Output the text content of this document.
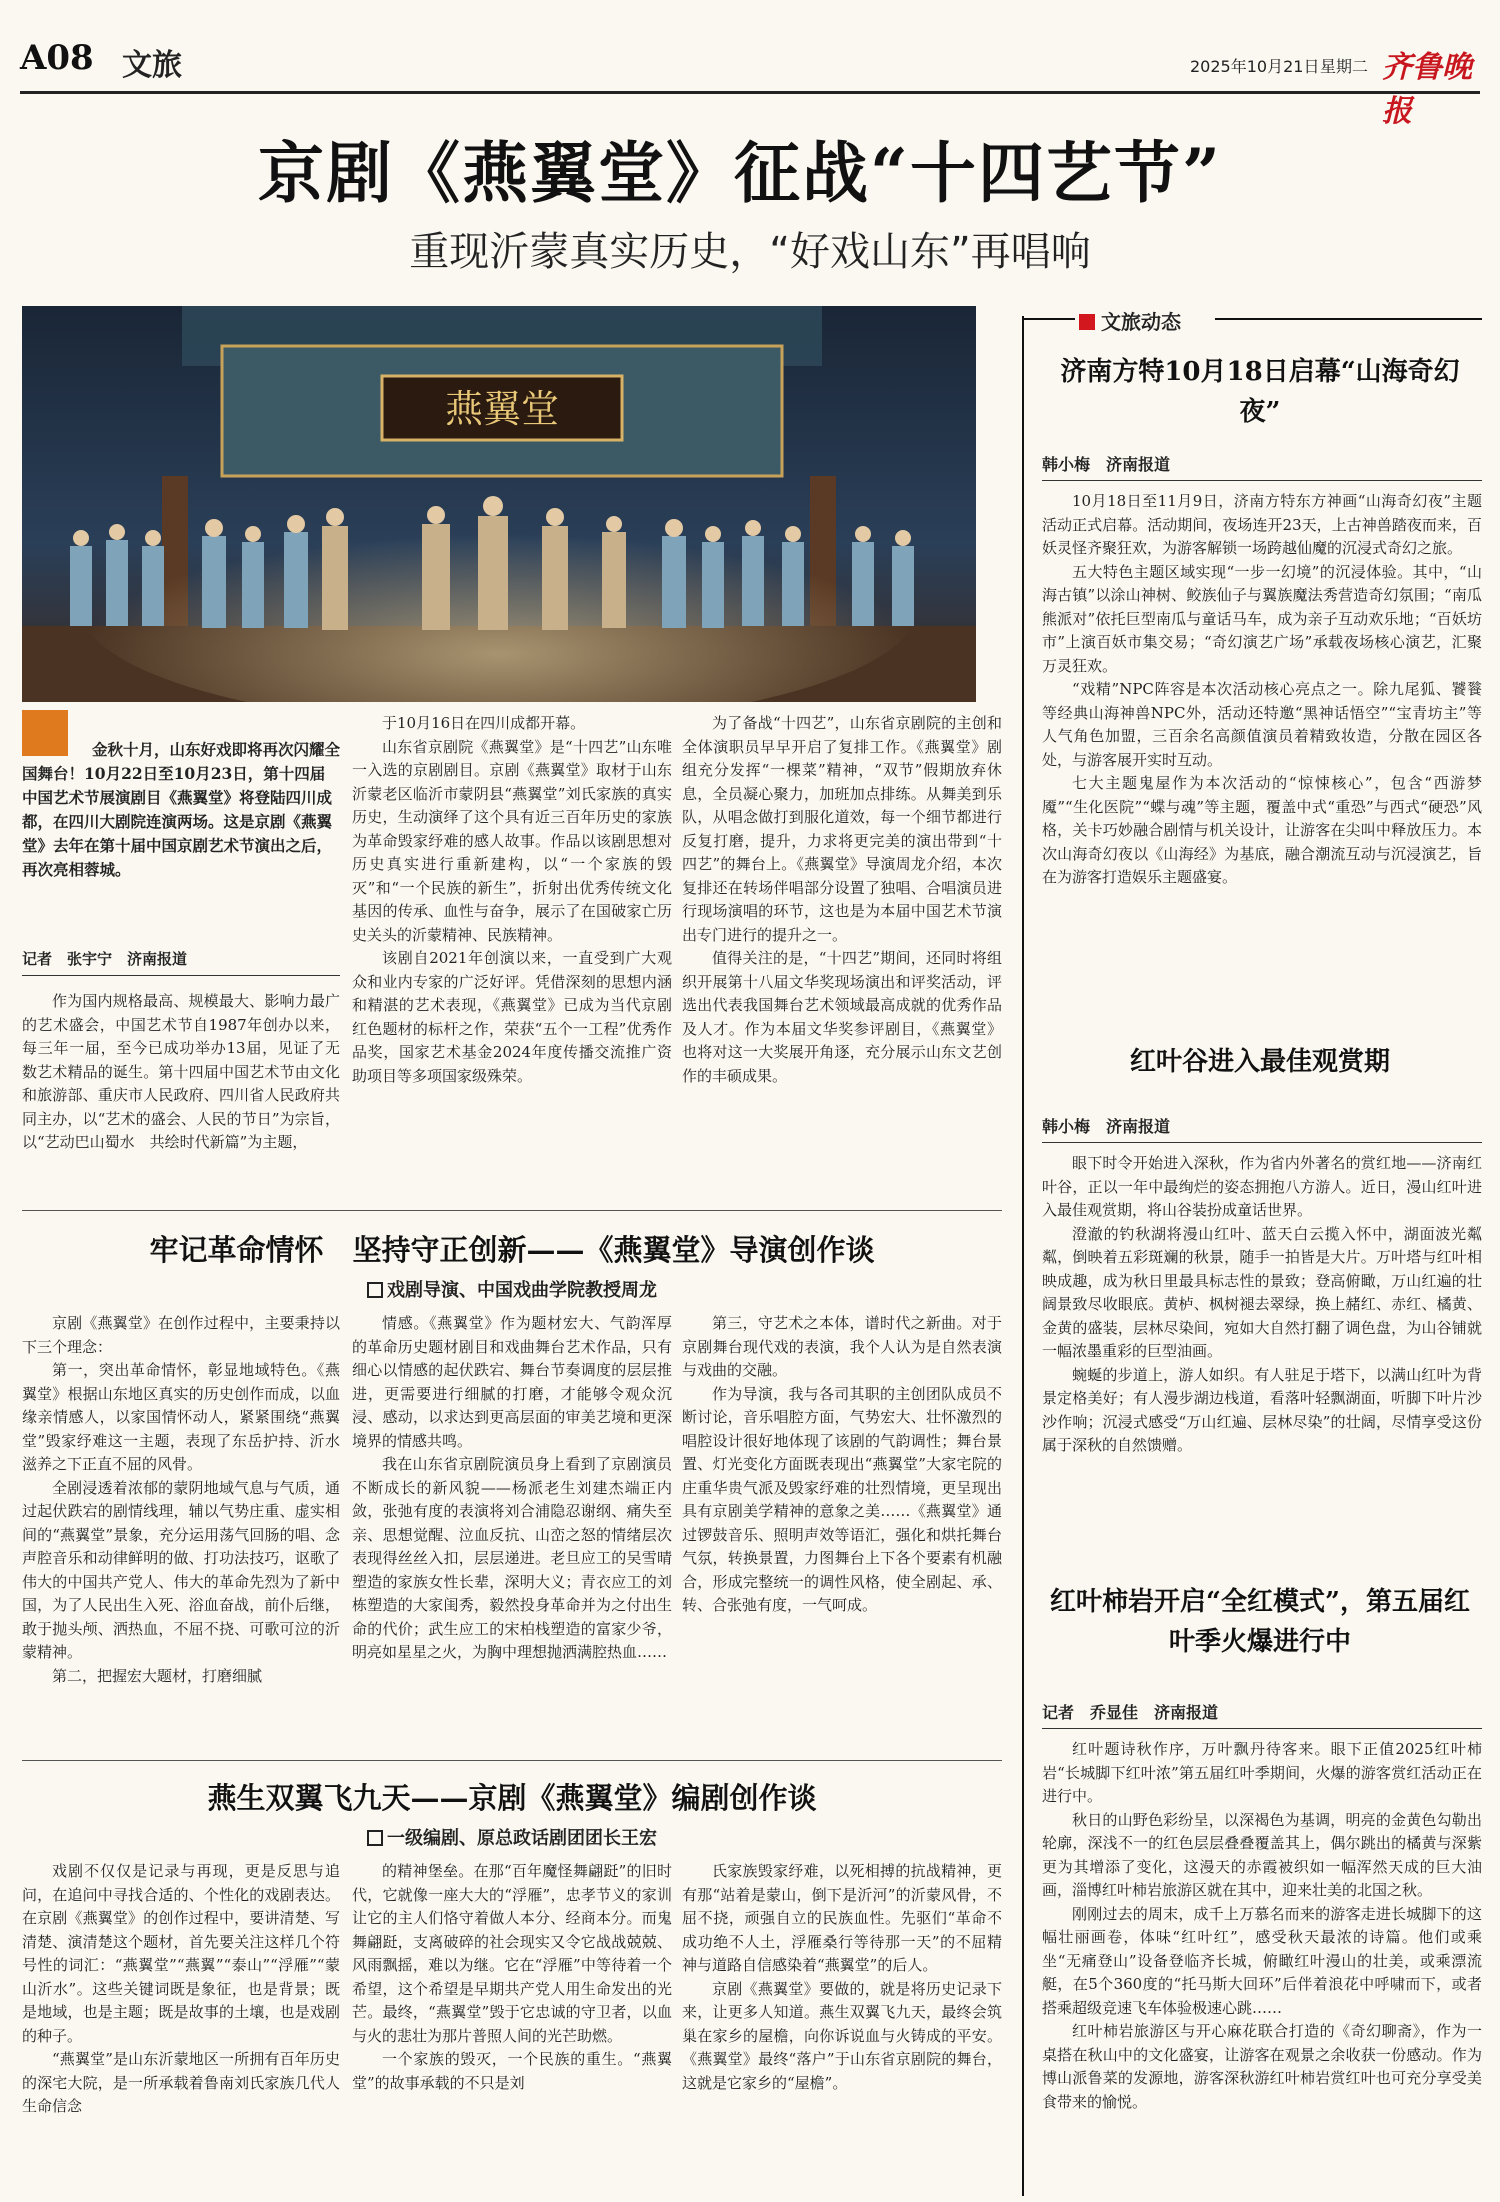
A08 文旅	2025年10月21日 星期二 齐鲁晚报
京剧《燕翼堂》征战“十四艺节”
重现沂蒙真实历史，“好戏山东”再唱响
燕翼堂

金秋十月，山东好戏即将再次闪耀全国舞台！10月22日至10月23日，第十四届中国艺术节展演剧目《燕翼堂》将登陆四川成都，在四川大剧院连演两场。这是京剧《燕翼堂》去年在第十届中国京剧艺术节演出之后，再次亮相蓉城。

记者　张宇宁　济南报道

作为国内规格最高、规模最大、影响力最广的艺术盛会，中国艺术节自1987年创办以来，每三年一届，至今已成功举办13届，见证了无数艺术精品的诞生。第十四届中国艺术节由文化和旅游部、重庆市人民政府、四川省人民政府共同主办，以“艺术的盛会、人民的节日”为宗旨，以“艺动巴山蜀水　共绘时代新篇”为主题，

于10月16日在四川成都开幕。

山东省京剧院《燕翼堂》是“十四艺”山东唯一入选的京剧剧目。京剧《燕翼堂》取材于山东沂蒙老区临沂市蒙阴县“燕翼堂”刘氏家族的真实历史，生动演绎了这个具有近三百年历史的家族为革命毁家纾难的感人故事。作品以该剧思想对历史真实进行重新建构，以“一个家族的毁灭”和“一个民族的新生”，折射出优秀传统文化基因的传承、血性与奋争，展示了在国破家亡历史关头的沂蒙精神、民族精神。

该剧自2021年创演以来，一直受到广大观众和业内专家的广泛好评。凭借深刻的思想内涵和精湛的艺术表现，《燕翼堂》已成为当代京剧红色题材的标杆之作，荣获“五个一工程”优秀作品奖，国家艺术基金2024年度传播交流推广资助项目等多项国家级殊荣。

为了备战“十四艺”，山东省京剧院的主创和全体演职员早早开启了复排工作。《燕翼堂》剧组充分发挥“一棵菜”精神，“双节”假期放弃休息，全员凝心聚力，加班加点排练。从舞美到乐队，从唱念做打到服化道效，每一个细节都进行反复打磨，提升，力求将更完美的演出带到“十四艺”的舞台上。《燕翼堂》导演周龙介绍，本次复排还在转场伴唱部分设置了独唱、合唱演员进行现场演唱的环节，这也是为本届中国艺术节演出专门进行的提升之一。

值得关注的是，“十四艺”期间，还同时将组织开展第十八届文华奖现场演出和评奖活动，评选出代表我国舞台艺术领域最高成就的优秀作品及人才。作为本届文华奖参评剧目，《燕翼堂》也将对这一大奖展开角逐，充分展示山东文艺创作的丰硕成果。

牢记革命情怀　坚持守正创新——《燕翼堂》导演创作谈
戏剧导演、中国戏曲学院教授周龙

京剧《燕翼堂》在创作过程中，主要秉持以下三个理念：

第一，突出革命情怀，彰显地域特色。《燕翼堂》根据山东地区真实的历史创作而成，以血缘亲情感人，以家国情怀动人，紧紧围绕“燕翼堂”毁家纾难这一主题，表现了东岳护持、沂水滋养之下正直不屈的风骨。

全剧浸透着浓郁的蒙阴地域气息与气质，通过起伏跌宕的剧情线理，辅以气势庄重、虚实相间的“燕翼堂”景象，充分运用荡气回肠的唱、念声腔音乐和动律鲜明的做、打功法技巧，讴歌了伟大的中国共产党人、伟大的革命先烈为了新中国，为了人民出生入死、浴血奋战，前仆后继，敢于抛头颅、洒热血，不屈不挠、可歌可泣的沂蒙精神。

第二，把握宏大题材，打磨细腻

情感。《燕翼堂》作为题材宏大、气韵浑厚的革命历史题材剧目和戏曲舞台艺术作品，只有细心以情感的起伏跌宕、舞台节奏调度的层层推进，更需要进行细腻的打磨，才能够令观众沉浸、感动，以求达到更高层面的审美艺境和更深境界的情感共鸣。

我在山东省京剧院演员身上看到了京剧演员不断成长的新风貌——杨派老生刘建杰端正内敛，张弛有度的表演将刘合浦隐忍谢纲、痛失至亲、思想觉醒、泣血反抗、山峦之怒的情绪层次表现得丝丝入扣，层层递进。老旦应工的吴雪晴塑造的家族女性长辈，深明大义；青衣应工的刘栋塑造的大家闺秀，毅然投身革命并为之付出生命的代价；武生应工的宋柏栈塑造的富家少爷，明亮如星星之火，为胸中理想抛洒满腔热血……

第三，守艺术之本体，谱时代之新曲。对于京剧舞台现代戏的表演，我个人认为是自然表演与戏曲的交融。

作为导演，我与各司其职的主创团队成员不断讨论，音乐唱腔方面，气势宏大、壮怀激烈的唱腔设计很好地体现了该剧的气韵调性；舞台景置、灯光变化方面既表现出“燕翼堂”大家宅院的庄重华贵气派及毁家纾难的壮烈情境，更呈现出具有京剧美学精神的意象之美……《燕翼堂》通过锣鼓音乐、照明声效等语汇，强化和烘托舞台气氛，转换景置，力图舞台上下各个要素有机融合，形成完整统一的调性风格，使全剧起、承、转、合张弛有度，一气呵成。

燕生双翼飞九天——京剧《燕翼堂》编剧创作谈
一级编剧、原总政话剧团团长王宏

戏剧不仅仅是记录与再现，更是反思与追问，在追问中寻找合适的、个性化的戏剧表达。在京剧《燕翼堂》的创作过程中，要讲清楚、写清楚、演清楚这个题材，首先要关注这样几个符号性的词汇：“燕翼堂”“燕翼”“泰山”“浮雁”“蒙山沂水”。这些关键词既是象征，也是背景；既是地域，也是主题；既是故事的土壤，也是戏剧的种子。

“燕翼堂”是山东沂蒙地区一所拥有百年历史的深宅大院，是一所承载着鲁南刘氏家族几代人生命信念

的精神堡垒。在那“百年魔怪舞翩跹”的旧时代，它就像一座大大的“浮雁”，忠孝节义的家训让它的主人们恪守着做人本分、经商本分。而鬼舞翩跹，支离破碎的社会现实又令它战战兢兢、风雨飘摇，难以为继。它在“浮雁”中等待着一个希望，这个希望是早期共产党人用生命发出的光芒。最终，“燕翼堂”毁于它忠诚的守卫者，以血与火的悲壮为那片普照人间的光芒助燃。

一个家族的毁灭，一个民族的重生。“燕翼堂”的故事承载的不只是刘

氏家族毁家纾难，以死相搏的抗战精神，更有那“站着是蒙山，倒下是沂河”的沂蒙风骨，不屈不挠，顽强自立的民族血性。先驱们“革命不成功绝不人土，浮雁桑行等待那一天”的不屈精神与道路自信感染着“燕翼堂”的后人。

京剧《燕翼堂》要做的，就是将历史记录下来，让更多人知道。燕生双翼飞九天，最终会筑巢在家乡的屋檐，向你诉说血与火铸成的平安。《燕翼堂》最终“落户”于山东省京剧院的舞台，这就是它家乡的“屋檐”。

文旅动态
济南方特10月18日启幕“山海奇幻夜”
韩小梅　济南报道

10月18日至11月9日，济南方特东方神画“山海奇幻夜”主题活动正式启幕。活动期间，夜场连开23天，上古神兽踏夜而来，百妖灵怪齐聚狂欢，为游客解锁一场跨越仙魔的沉浸式奇幻之旅。

五大特色主题区域实现“一步一幻境”的沉浸体验。其中，“山海古镇”以涂山神树、鲛族仙子与翼族魔法秀营造奇幻氛围；“南瓜熊派对”依托巨型南瓜与童话马车，成为亲子互动欢乐地；“百妖坊市”上演百妖市集交易；“奇幻演艺广场”承载夜场核心演艺，汇聚万灵狂欢。

“戏精”NPC阵容是本次活动核心亮点之一。除九尾狐、饕餮等经典山海神兽NPC外，活动还特邀“黑神话悟空”“宝青坊主”等人气角色加盟，三百余名高颜值演员着精致妆造，分散在园区各处，与游客展开实时互动。

七大主题鬼屋作为本次活动的“惊悚核心”，包含“西游梦魇”“生化医院”“蝶与魂”等主题，覆盖中式“重恐”与西式“硬恐”风格，关卡巧妙融合剧情与机关设计，让游客在尖叫中释放压力。本次山海奇幻夜以《山海经》为基底，融合潮流互动与沉浸演艺，旨在为游客打造娱乐主题盛宴。

红叶谷进入最佳观赏期
韩小梅　济南报道

眼下时令开始进入深秋，作为省内外著名的赏红地——济南红叶谷，正以一年中最绚烂的姿态拥抱八方游人。近日，漫山红叶进入最佳观赏期，将山谷装扮成童话世界。

澄澈的钓秋湖将漫山红叶、蓝天白云揽入怀中，湖面波光粼粼，倒映着五彩斑斓的秋景，随手一拍皆是大片。万叶塔与红叶相映成趣，成为秋日里最具标志性的景致；登高俯瞰，万山红遍的壮阔景致尽收眼底。黄栌、枫树褪去翠绿，换上赭红、赤红、橘黄、金黄的盛装，层林尽染间，宛如大自然打翻了调色盘，为山谷铺就一幅浓墨重彩的巨型油画。

蜿蜒的步道上，游人如织。有人驻足于塔下，以满山红叶为背景定格美好；有人漫步湖边栈道，看落叶轻飘湖面，听脚下叶片沙沙作响；沉浸式感受“万山红遍、层林尽染”的壮阔，尽情享受这份属于深秋的自然馈赠。

红叶柿岩开启“全红模式”，第五届红叶季火爆进行中
记者　乔显佳　济南报道

红叶题诗秋作序，万叶飘丹待客来。眼下正值2025红叶柿岩“长城脚下红叶浓”第五届红叶季期间，火爆的游客赏红活动正在进行中。

秋日的山野色彩纷呈，以深褐色为基调，明亮的金黄色勾勒出轮廓，深浅不一的红色层层叠叠覆盖其上，偶尔跳出的橘黄与深紫更为其增添了变化，这漫天的赤霞被织如一幅浑然天成的巨大油画，淄博红叶柿岩旅游区就在其中，迎来壮美的北国之秋。

刚刚过去的周末，成千上万慕名而来的游客走进长城脚下的这幅壮丽画卷，体味“红叶红”，感受秋天最浓的诗篇。他们或乘坐“无痛登山”设备登临齐长城，俯瞰红叶漫山的壮美，或乘漂流艇，在5个360度的“托马斯大回环”后伴着浪花中呼啸而下，或者搭乘超级竞速飞车体验极速心跳……

红叶柿岩旅游区与开心麻花联合打造的《奇幻聊斋》，作为一桌搭在秋山中的文化盛宴，让游客在观景之余收获一份感动。作为博山派鲁菜的发源地，游客深秋游红叶柿岩赏红叶也可充分享受美食带来的愉悦。
